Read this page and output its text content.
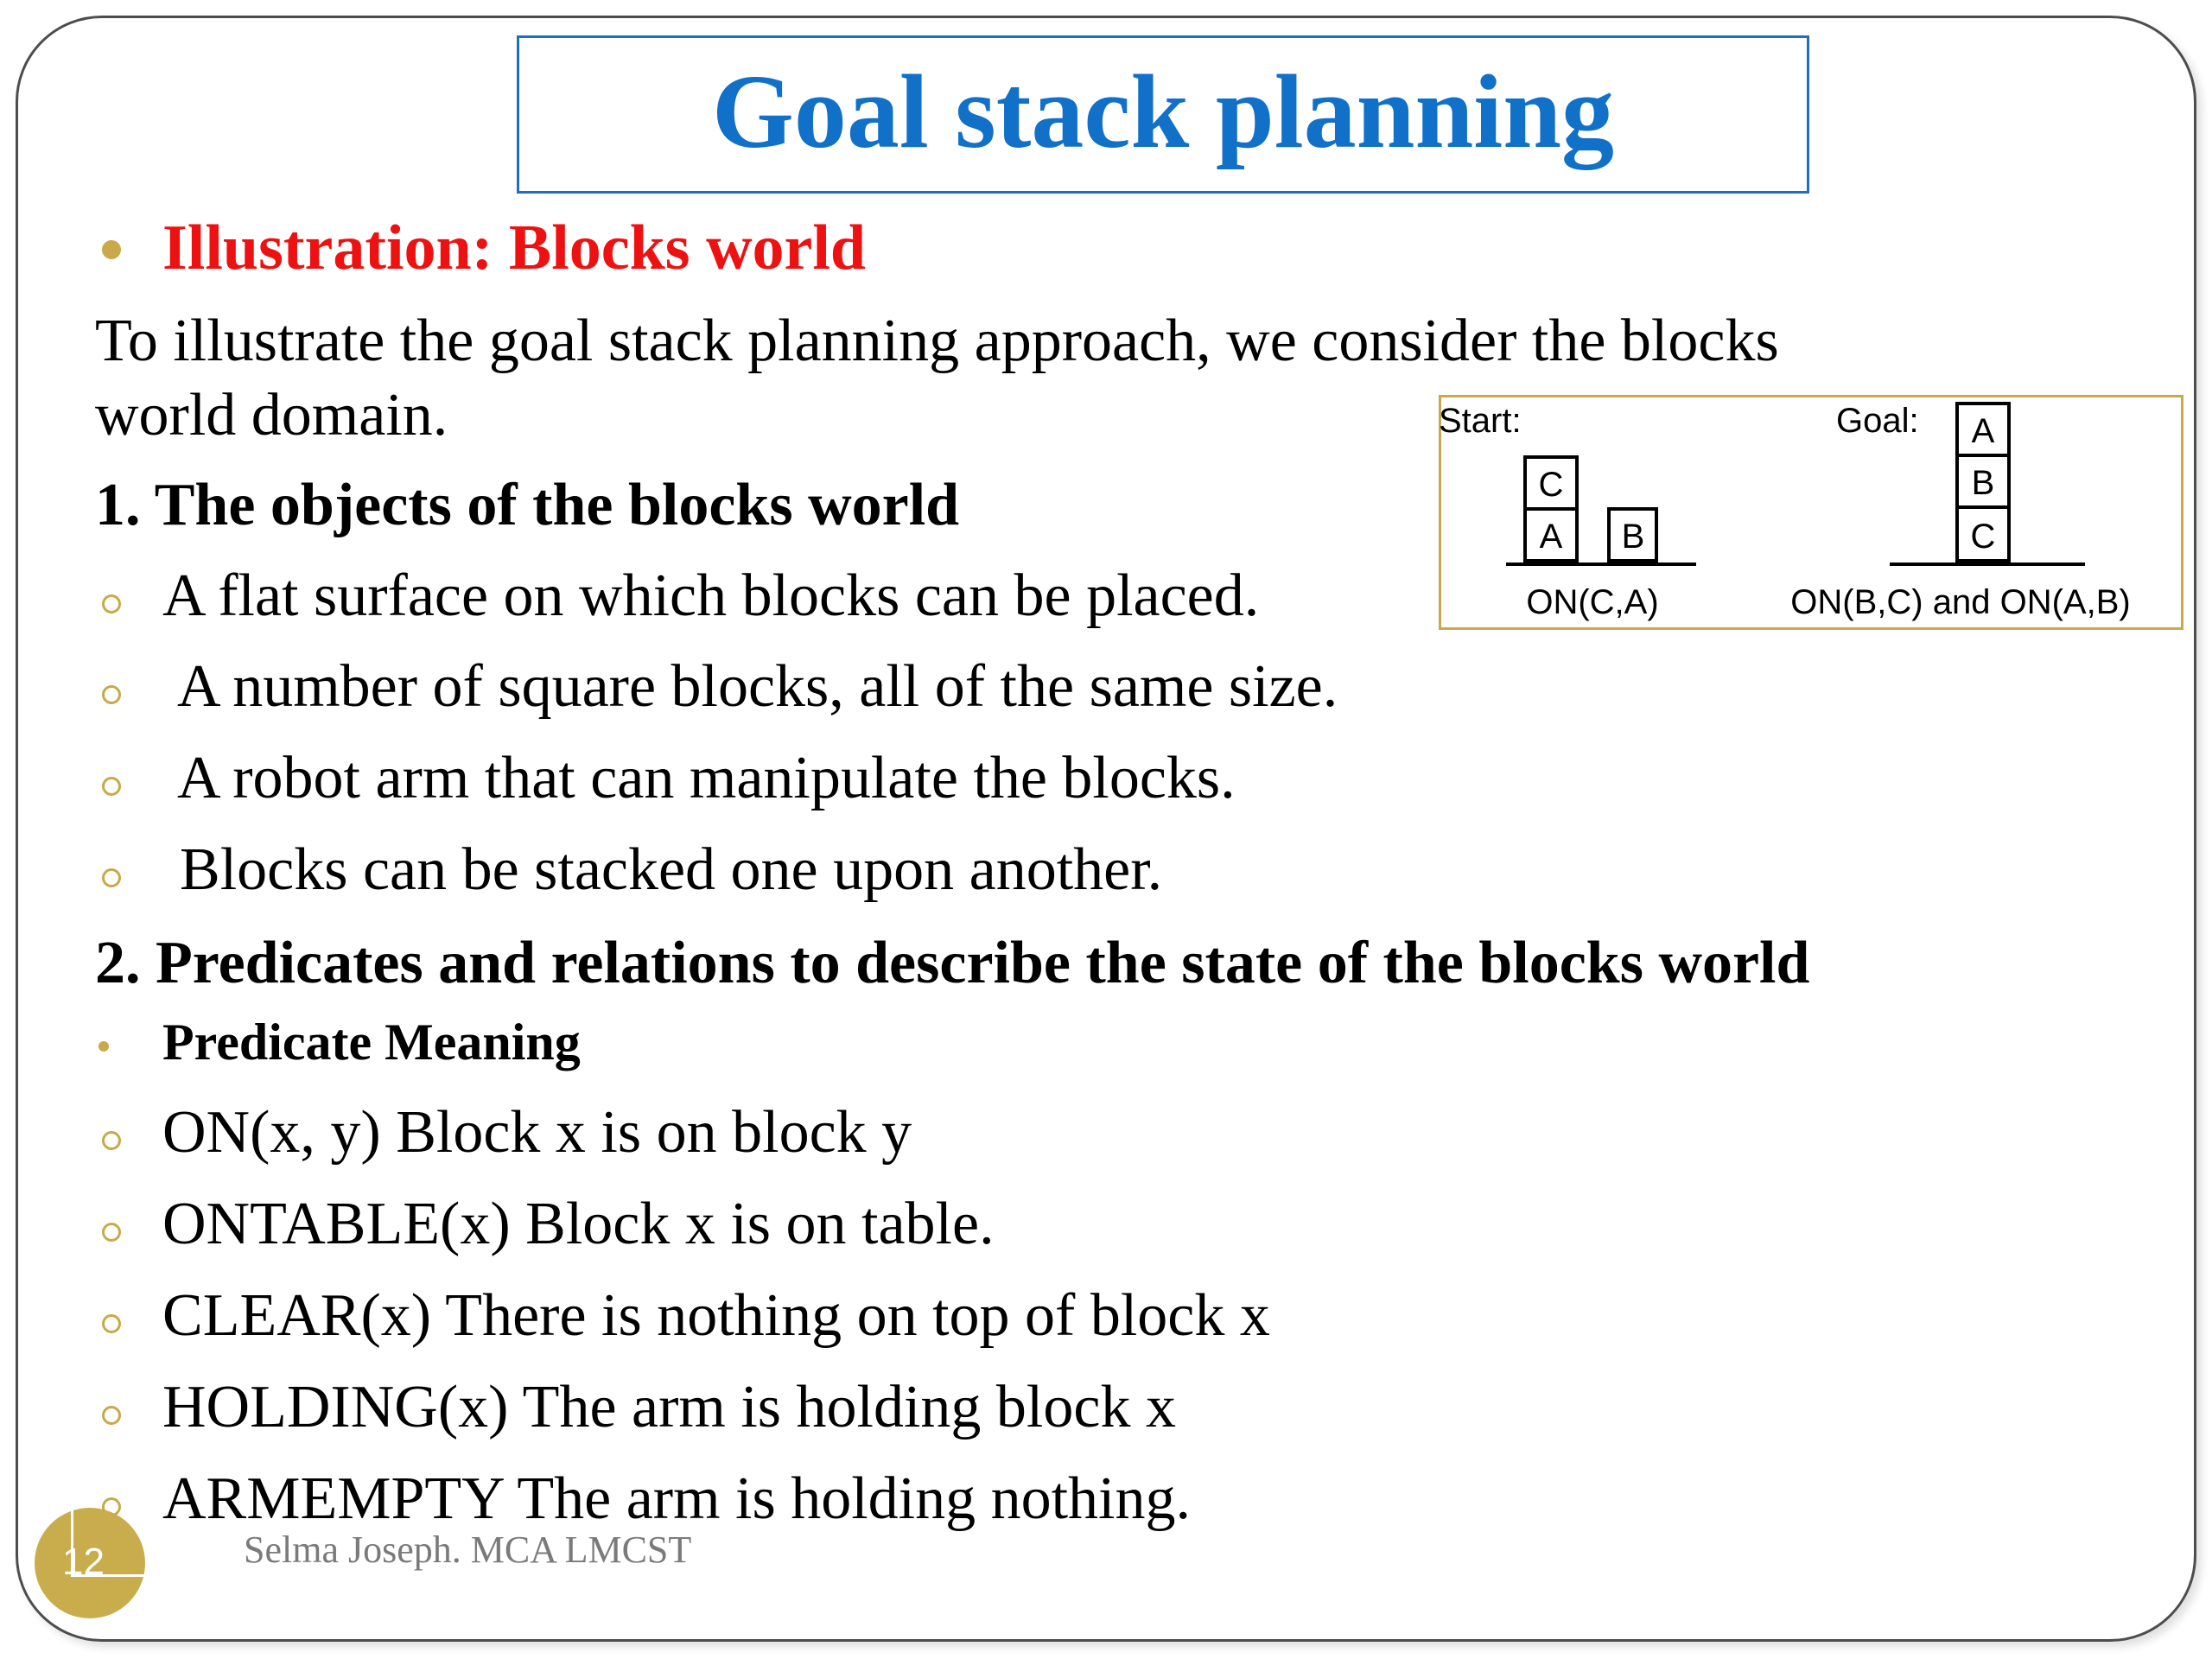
Goal stack planning
Illustration: Blocks world
To illustrate the goal stack planning approach, we consider the blocks
world domain.
1. The objects of the blocks world
A flat surface on which blocks can be placed.
A number of square blocks, all of the same size.
A robot arm that can manipulate the blocks.
Blocks can be stacked one upon another.
2. Predicates and relations to describe the state of the blocks world
Predicate Meaning
ON(x, y) Block x is on block y
ONTABLE(x) Block x is on table.
CLEAR(x) There is nothing on top of block x
HOLDING(x) The arm is holding block x
ARMEMPTY The arm is holding nothing.
Start:	Goal:
C
A B
A
B
C
ON(C,A)	ON(B,C) and ON(A,B)
12	Selma Joseph. MCA LMCST
